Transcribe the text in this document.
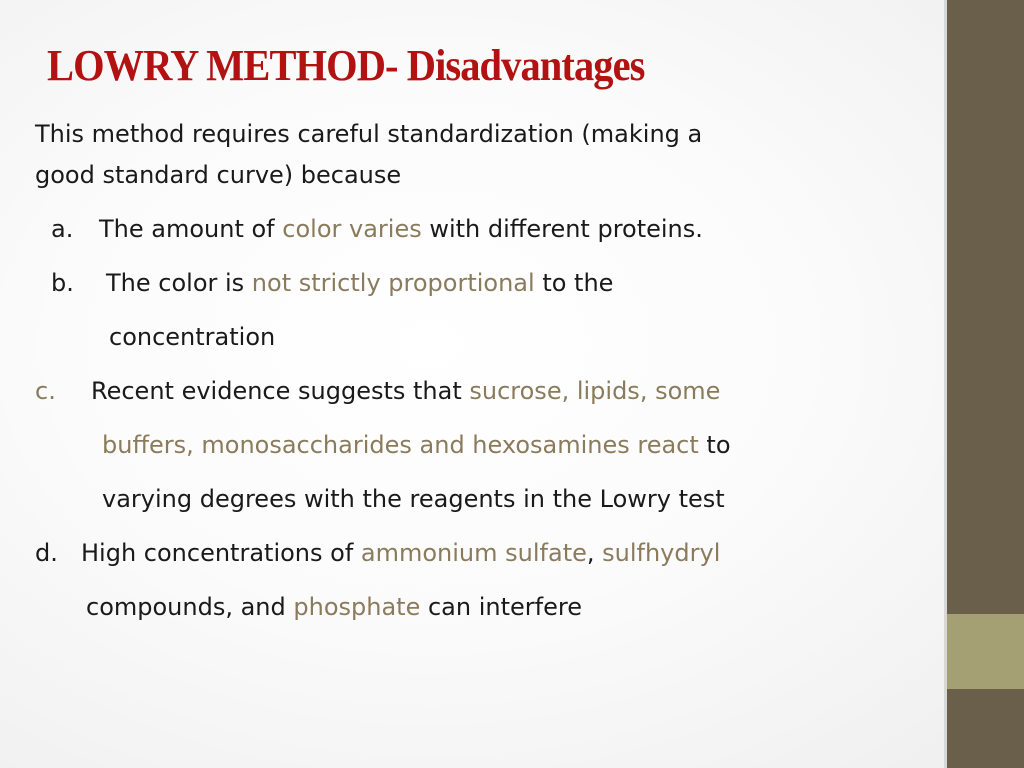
LOWRY METHOD- Disadvantages
This method requires careful standardization (making a
good standard curve) because
a. The amount of color varies with different proteins.
b. The color is not strictly proportional to the
concentration
c. Recent evidence suggests that sucrose, lipids, some
buffers, monosaccharides and hexosamines react to
varying degrees with the reagents in the Lowry test
d. High concentrations of ammonium sulfate, sulfhydryl
compounds, and phosphate can interfere
